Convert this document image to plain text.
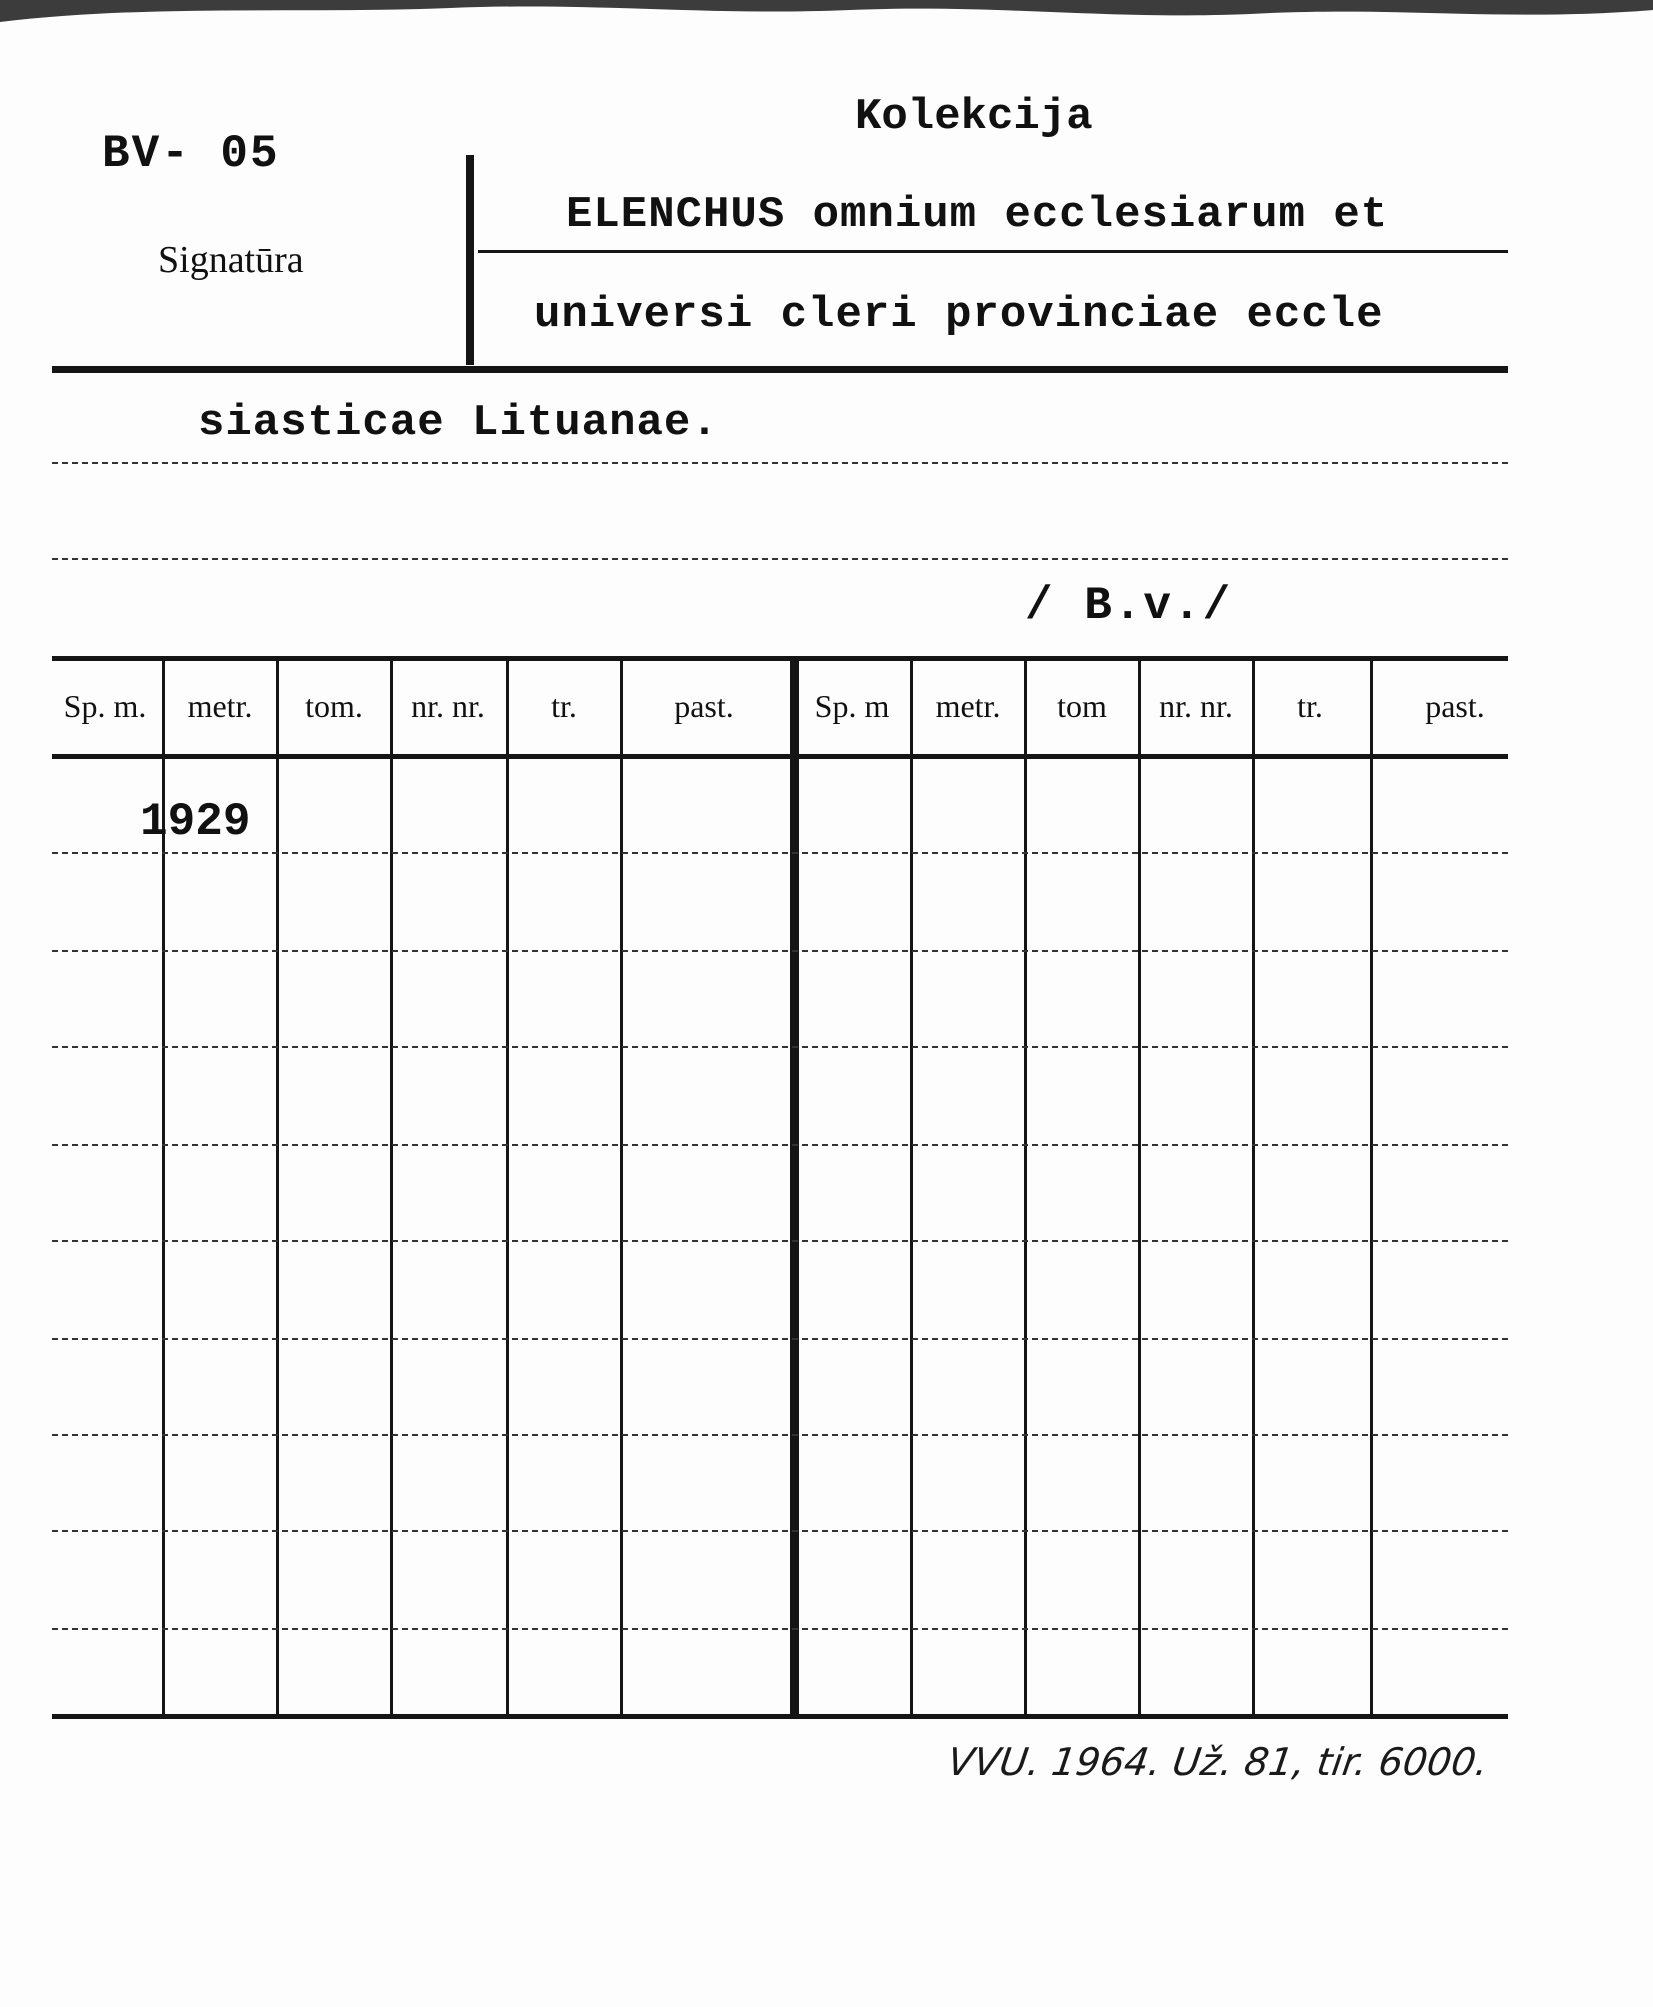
BV- 05
Signatūra
Kolekcija
ELENCHUS omnium ecclesiarum et
universi cleri provinciae eccle
siasticae Lituanae.
/ B.v./
Sp. m.	metr.	tom.	nr. nr.	tr.	past.	Sp. m	metr.	tom	nr. nr.	tr.	past.
1929
VVU. 1964. Už. 81, tir. 6000.
